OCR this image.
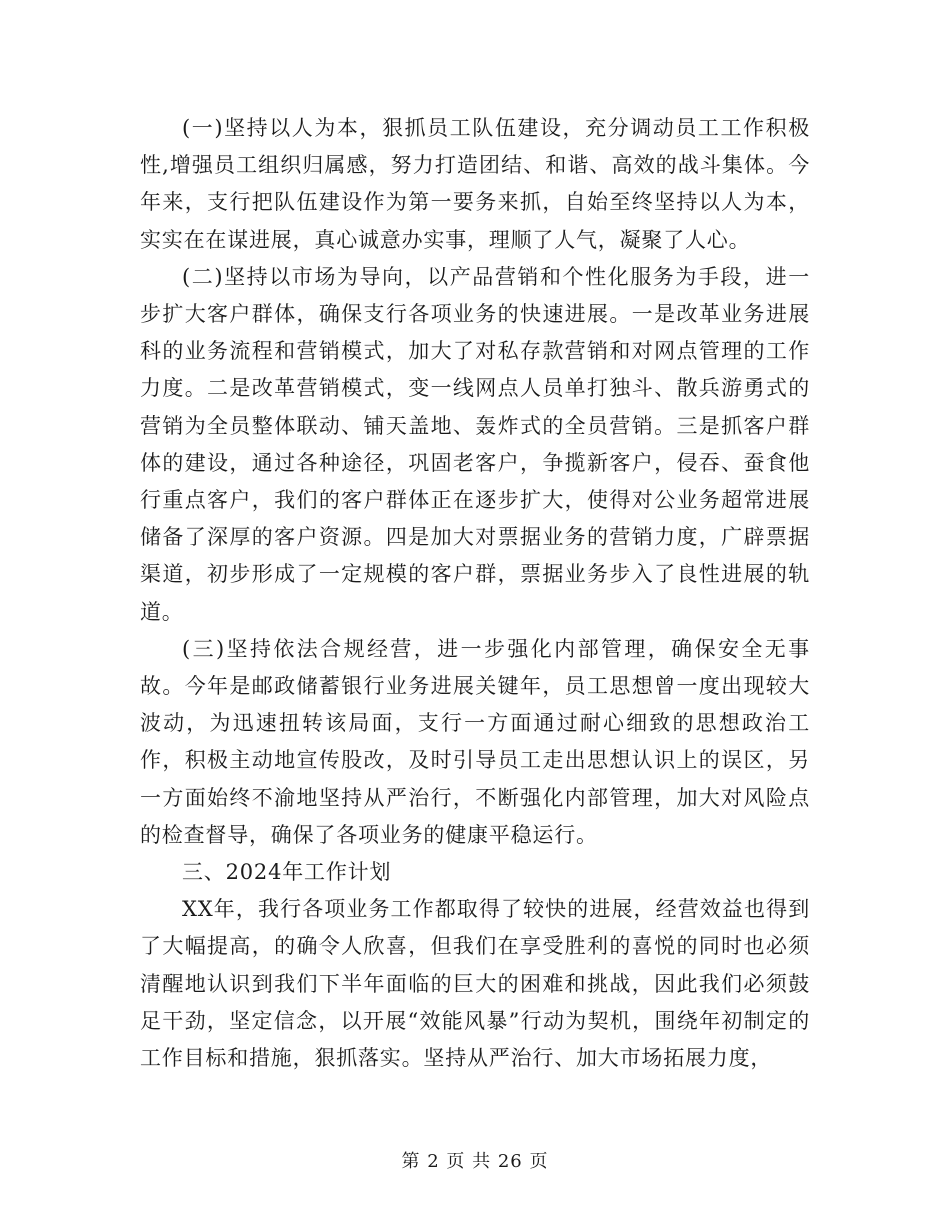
(一)坚持以人为本，狠抓员工队伍建设，充分调动员工工作积极性,增强员工组织归属感，努力打造团结、和谐、高效的战斗集体。今年来，支行把队伍建设作为第一要务来抓，自始至终坚持以人为本，实实在在谋进展，真心诚意办实事，理顺了人气，凝聚了人心。

(二)坚持以市场为导向，以产品营销和个性化服务为手段，进一步扩大客户群体，确保支行各项业务的快速进展。一是改革业务进展科的业务流程和营销模式，加大了对私存款营销和对网点管理的工作力度。二是改革营销模式，变一线网点人员单打独斗、散兵游勇式的营销为全员整体联动、铺天盖地、轰炸式的全员营销。三是抓客户群体的建设，通过各种途径，巩固老客户，争揽新客户，侵吞、蚕食他行重点客户，我们的客户群体正在逐步扩大，使得对公业务超常进展储备了深厚的客户资源。四是加大对票据业务的营销力度，广辟票据渠道，初步形成了一定规模的客户群，票据业务步入了良性进展的轨道。

(三)坚持依法合规经营，进一步强化内部管理，确保安全无事故。今年是邮政储蓄银行业务进展关键年，员工思想曾一度出现较大波动，为迅速扭转该局面，支行一方面通过耐心细致的思想政治工作，积极主动地宣传股改，及时引导员工走出思想认识上的误区，另一方面始终不渝地坚持从严治行，不断强化内部管理，加大对风险点的检查督导，确保了各项业务的健康平稳运行。

三、2024年工作计划

XX年，我行各项业务工作都取得了较快的进展，经营效益也得到了大幅提高，的确令人欣喜，但我们在享受胜利的喜悦的同时也必须清醒地认识到我们下半年面临的巨大的困难和挑战，因此我们必须鼓足干劲，坚定信念，以开展“效能风暴”行动为契机，围绕年初制定的工作目标和措施，狠抓落实。坚持从严治行、加大市场拓展力度，

第 2 页 共 26 页
